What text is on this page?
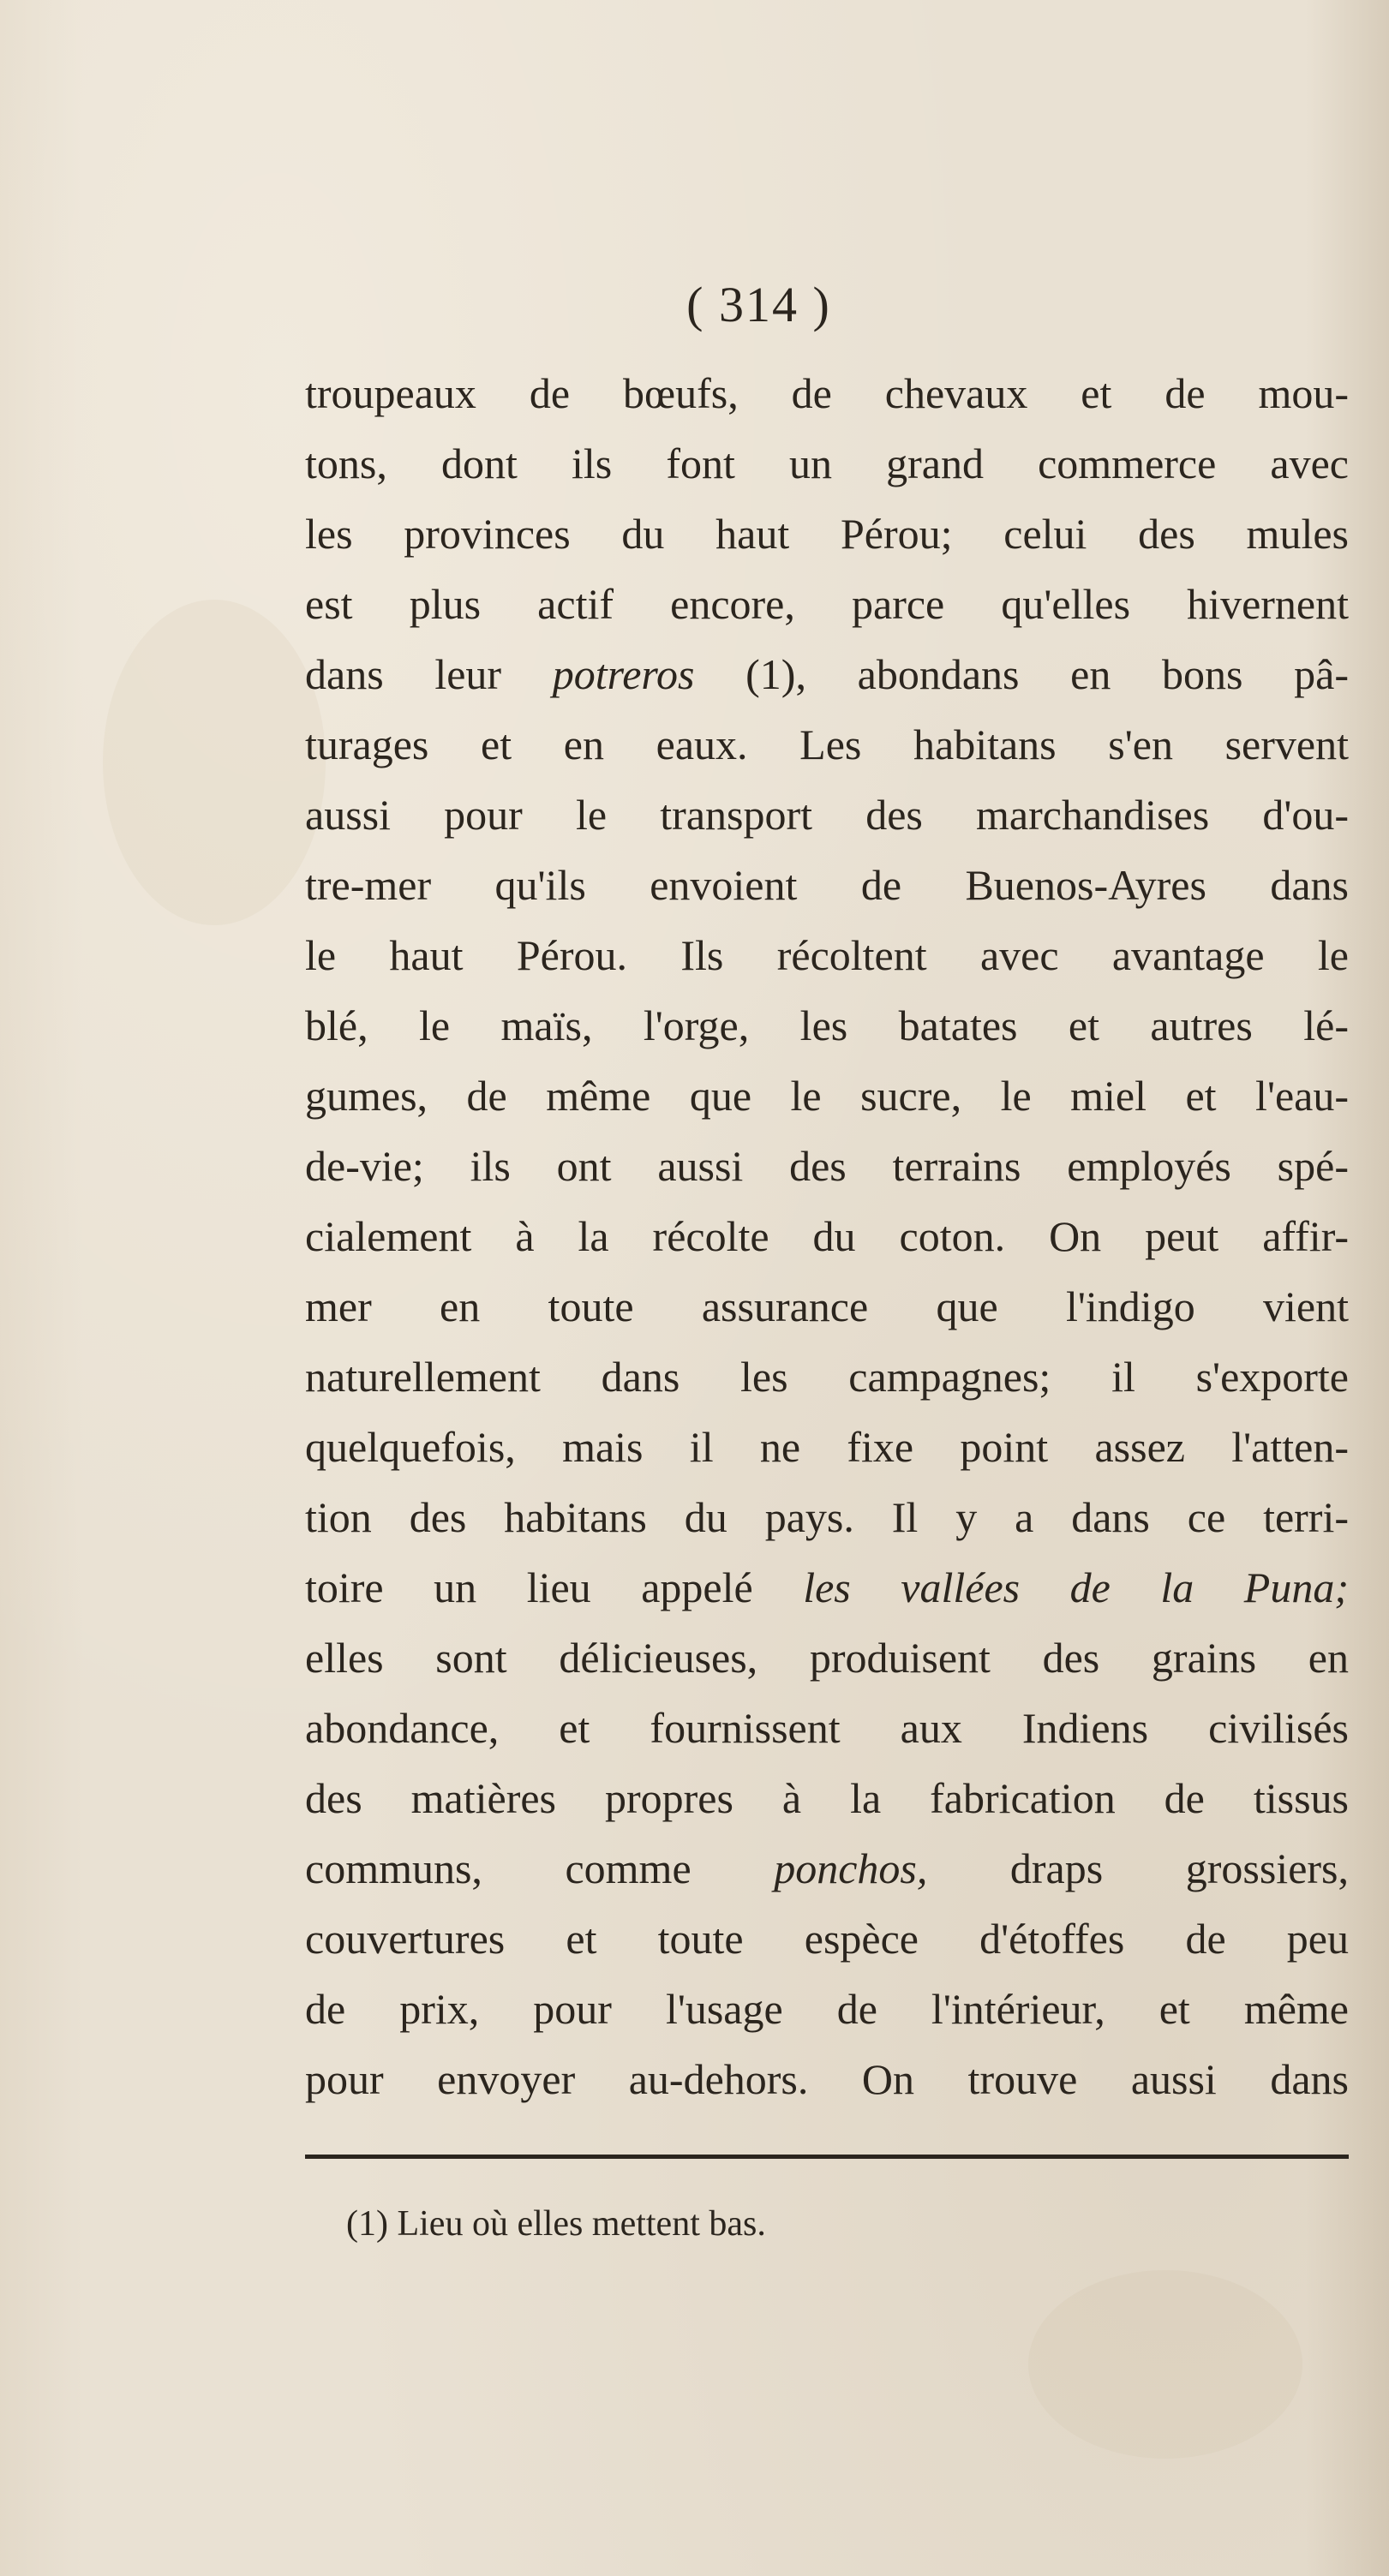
( 314 )
troupeaux de bœufs, de chevaux et de mou-
tons, dont ils font un grand commerce avec
les provinces du haut Pérou; celui des mules
est plus actif encore, parce qu'elles hivernent
dans leur potreros (1), abondans en bons pâ-
turages et en eaux. Les habitans s'en servent
aussi pour le transport des marchandises d'ou-
tre-mer qu'ils envoient de Buenos-Ayres dans
le haut Pérou. Ils récoltent avec avantage le
blé, le maïs, l'orge, les batates et autres lé-
gumes, de même que le sucre, le miel et l'eau-
de-vie; ils ont aussi des terrains employés spé-
cialement à la récolte du coton. On peut affir-
mer en toute assurance que l'indigo vient
naturellement dans les campagnes; il s'exporte
quelquefois, mais il ne fixe point assez l'atten-
tion des habitans du pays. Il y a dans ce terri-
toire un lieu appelé les vallées de la Puna;
elles sont délicieuses, produisent des grains en
abondance, et fournissent aux Indiens civilisés
des matières propres à la fabrication de tissus
communs, comme ponchos, draps grossiers,
couvertures et toute espèce d'étoffes de peu
de prix, pour l'usage de l'intérieur, et même
pour envoyer au-dehors. On trouve aussi dans
(1) Lieu où elles mettent bas.
